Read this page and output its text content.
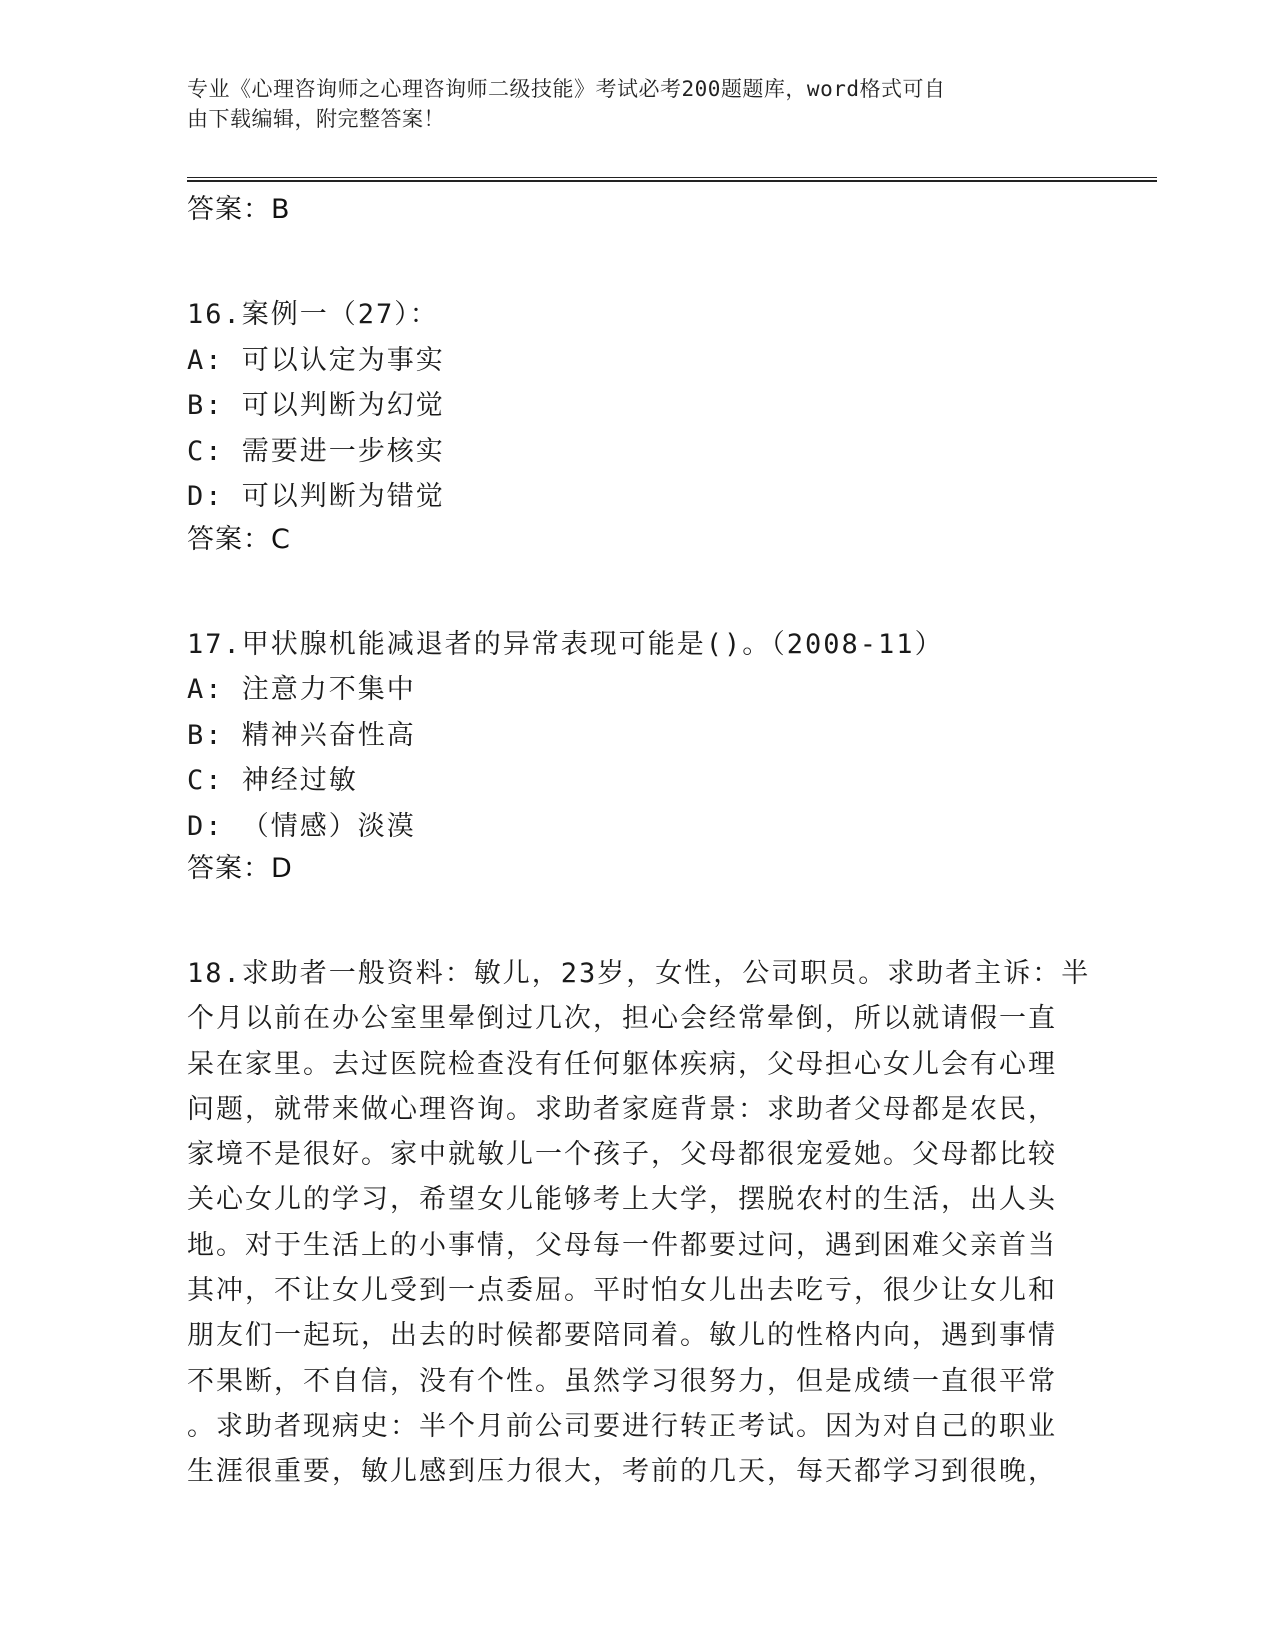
专业《心理咨询师之心理咨询师二级技能》考试必考200题题库，word格式可自
由下载编辑，附完整答案！
答案：B
16.案例一（27）：
A: 可以认定为事实
B: 可以判断为幻觉
C: 需要进一步核实
D: 可以判断为错觉
答案：C
17.甲状腺机能减退者的异常表现可能是()。（2008-11）
A: 注意力不集中
B: 精神兴奋性高
C: 神经过敏
D: （情感）淡漠
答案：D
18.求助者一般资料：敏儿，23岁，女性，公司职员。求助者主诉：半
个月以前在办公室里晕倒过几次，担心会经常晕倒，所以就请假一直
呆在家里。去过医院检查没有任何躯体疾病，父母担心女儿会有心理
问题，就带来做心理咨询。求助者家庭背景：求助者父母都是农民，
家境不是很好。家中就敏儿一个孩子，父母都很宠爱她。父母都比较
关心女儿的学习，希望女儿能够考上大学，摆脱农村的生活，出人头
地。对于生活上的小事情，父母每一件都要过问，遇到困难父亲首当
其冲，不让女儿受到一点委屈。平时怕女儿出去吃亏，很少让女儿和
朋友们一起玩，出去的时候都要陪同着。敏儿的性格内向，遇到事情
不果断，不自信，没有个性。虽然学习很努力，但是成绩一直很平常
。求助者现病史：半个月前公司要进行转正考试。因为对自己的职业
生涯很重要，敏儿感到压力很大，考前的几天，每天都学习到很晚，
